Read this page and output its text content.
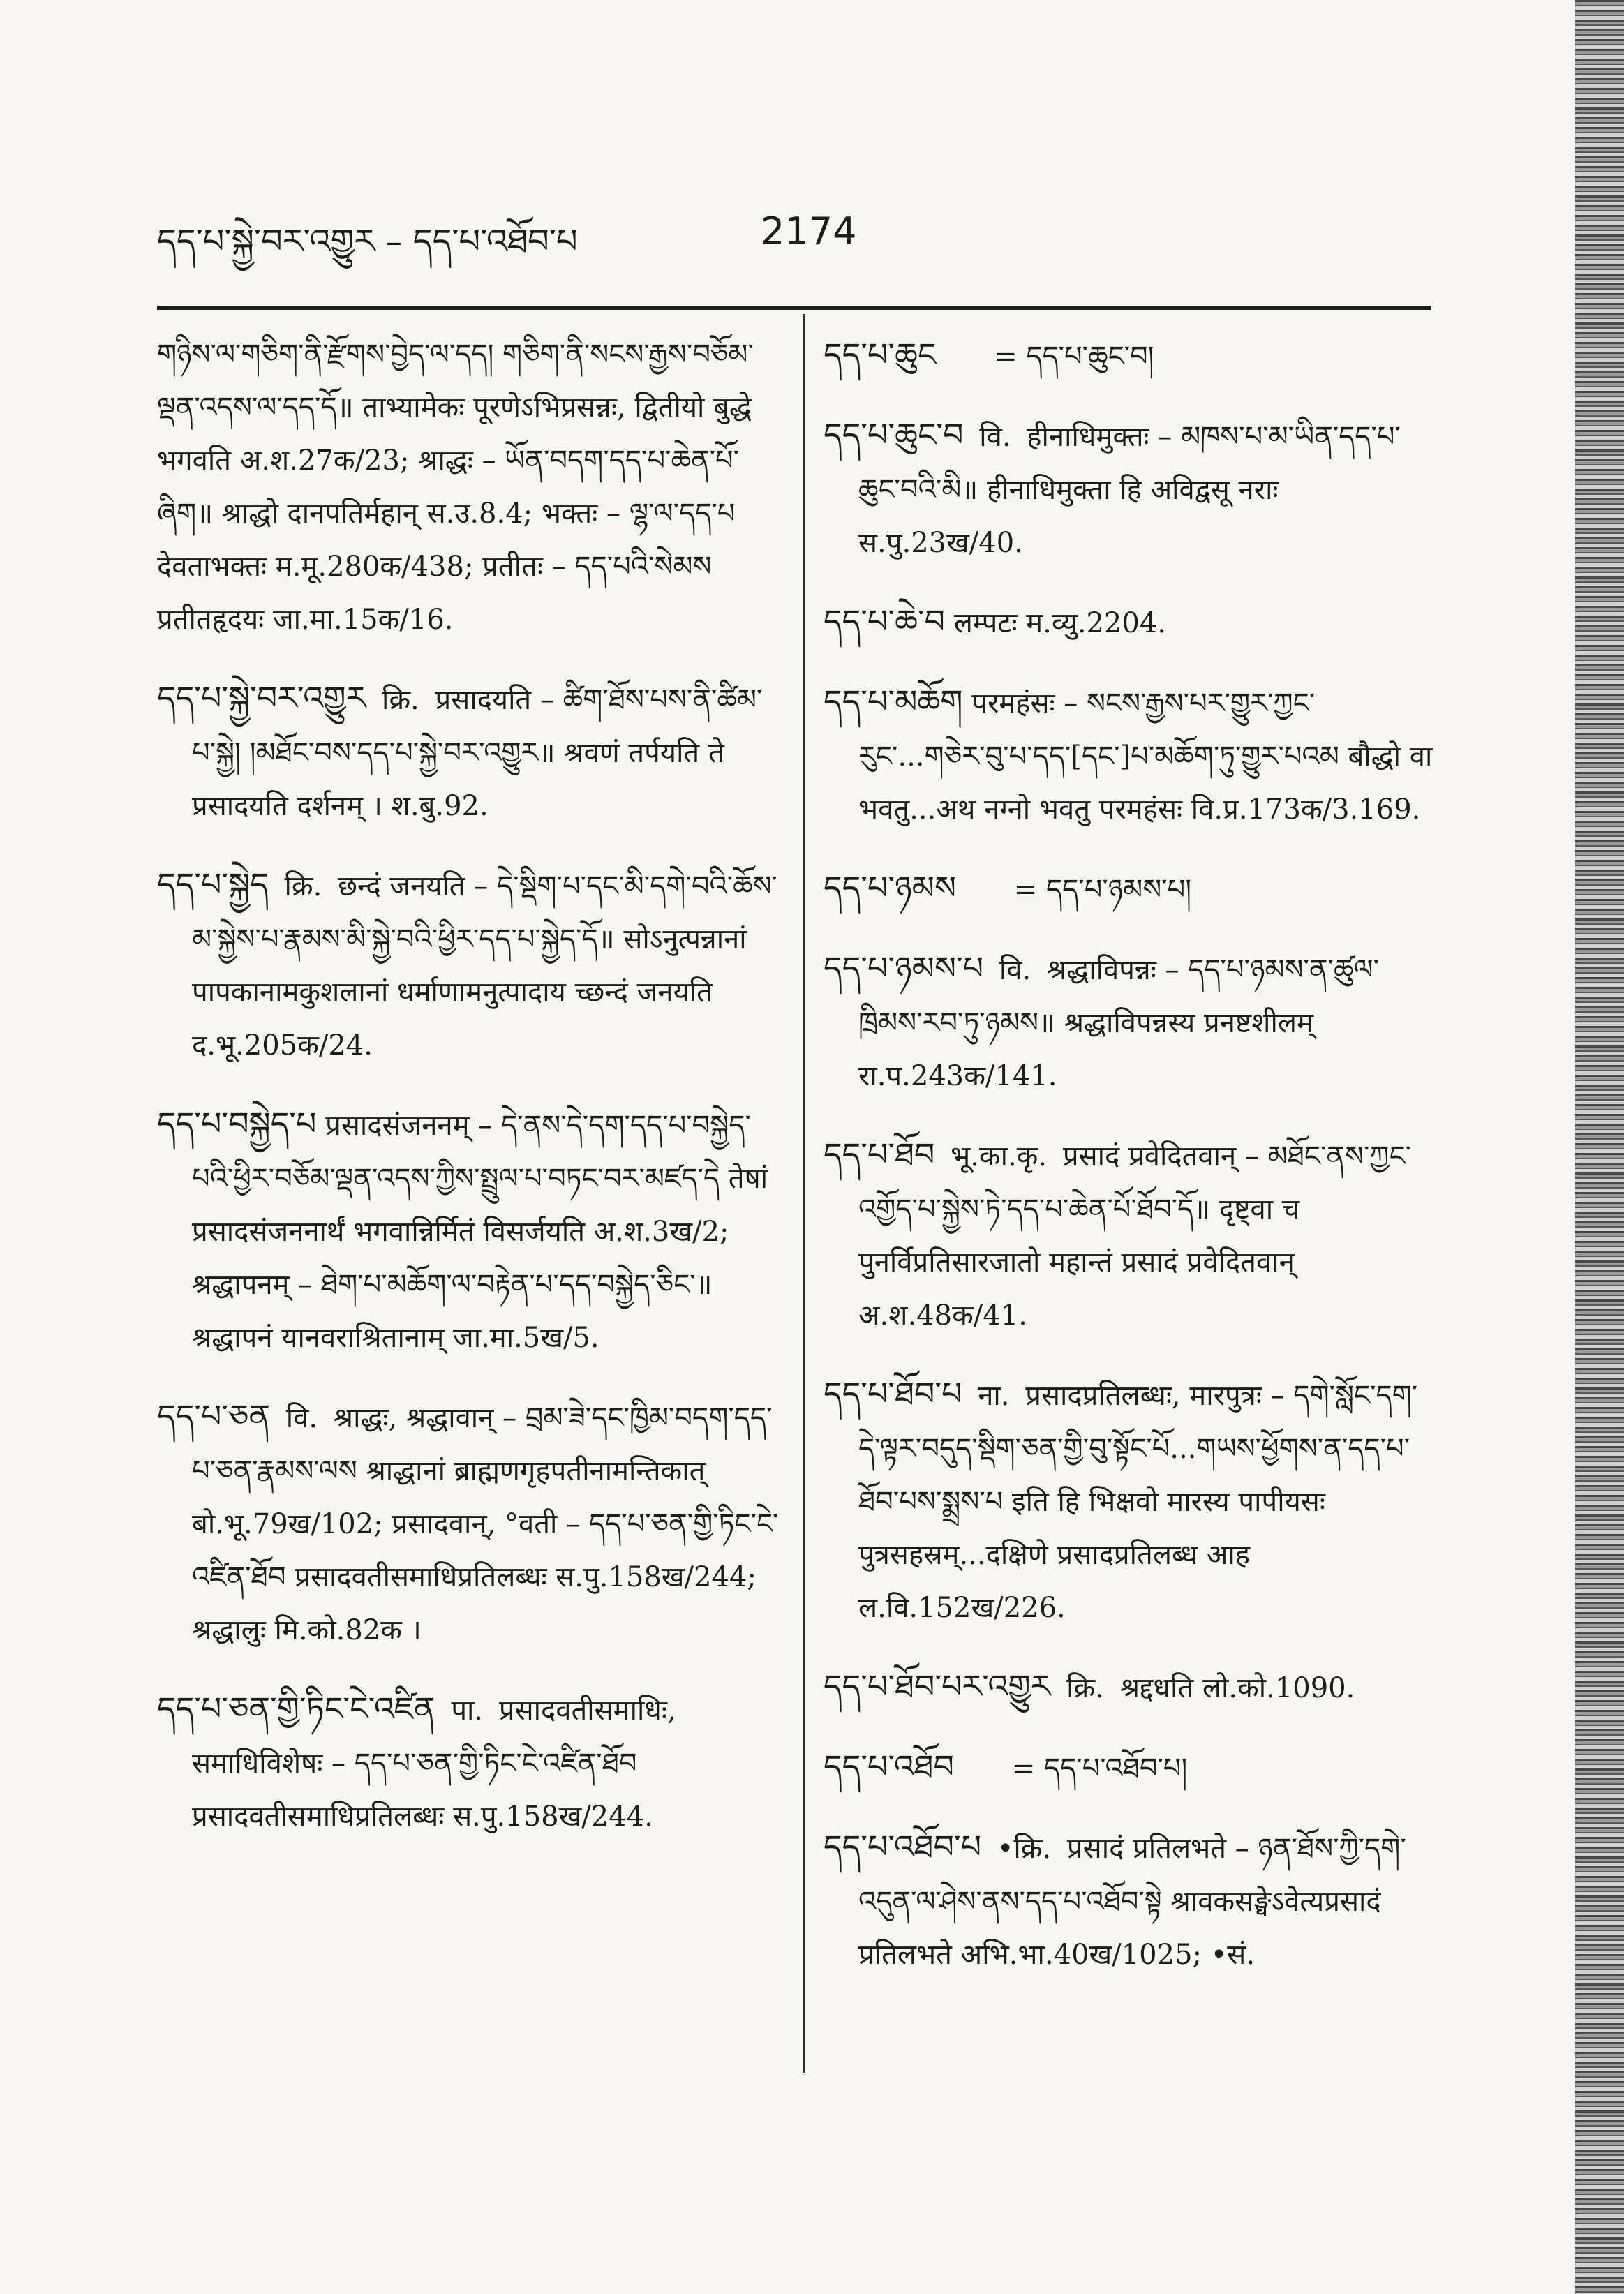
དད་པ་སྐྱེ་བར་འགྱུར – དད་པ་འཐོབ་པ	2174

གཉིས་ལ་གཅིག་ནི་རྫོགས་བྱེད་ལ་དད། གཅིག་ནི་སངས་རྒྱས་བཅོམ་ལྡན་འདས་ལ་དད་དོ॥ ताभ्यामेकः पूरणेऽभिप्रसन्नः, द्वितीयो बुद्धे भगवति अ.श.27क/23; श्राद्धः – ཡོན་བདག་དད་པ་ཆེན་པོ་ཞིག॥ श्राद्धो दानपतिर्महान् स.उ.8.4; भक्तः – ལྷ་ལ་དད་པ देवताभक्तः म.मू.280क/438; प्रतीतः – དད་པའི་སེམས प्रतीतहृदयः जा.मा.15क/16.

དད་པ་སྐྱེ་བར་འགྱུར क्रि. प्रसादयति – ཚིག་ཐོས་པས་ནི་ཚིམ་པ་སྐྱེ། །མཐོང་བས་དད་པ་སྐྱེ་བར་འགྱུར॥ श्रवणं तर्पयति ते प्रसादयति दर्शनम् । श.बु.92.

དད་པ་སྐྱེད क्रि. छन्दं जनयति – དེ་སྡིག་པ་དང་མི་དགེ་བའི་ཆོས་མ་སྐྱེས་པ་རྣམས་མི་སྐྱེ་བའི་ཕྱིར་དད་པ་སྐྱེད་དོ॥ सोऽनुत्पन्नानां पापकानामकुशलानां धर्माणामनुत्पादाय च्छन्दं जनयति द.भू.205क/24.

དད་པ་བསྐྱེད་པ प्रसादसंजननम् – དེ་ནས་དེ་དག་དད་པ་བསྐྱེད་པའི་ཕྱིར་བཅོམ་ལྡན་འདས་ཀྱིས་སྤྲུལ་པ་བཏང་བར་མཛད་དེ तेषां प्रसादसंजननार्थं भगवान्निर्मितं विसर्जयति अ.श.3ख/2; श्रद्धापनम् – ཐེག་པ་མཆོག་ལ་བརྟེན་པ་དད་བསྐྱེད་ཅིང་॥ श्रद्धापनं यानवराश्रितानाम् जा.मा.5ख/5.

དད་པ་ཅན वि. श्राद्धः, श्रद्धावान् – བྲམ་ཟེ་དང་ཁྱིམ་བདག་དད་པ་ཅན་རྣམས་ལས श्राद्धानां ब्राह्मणगृहपतीनामन्तिकात् बो.भू.79ख/102; प्रसादवान्, °वती – དད་པ་ཅན་གྱི་ཏིང་ངེ་འཛིན་ཐོབ प्रसादवतीसमाधिप्रतिलब्धः स.पु.158ख/244; श्रद्धालुः मि.को.82क ।

དད་པ་ཅན་གྱི་ཏིང་ངེ་འཛིན पा. प्रसादवतीसमाधिः, समाधिविशेषः – དད་པ་ཅན་གྱི་ཏིང་ངེ་འཛིན་ཐོབ प्रसादवतीसमाधिप्रतिलब्धः स.पु.158ख/244.

དད་པ་ཆུང = དད་པ་ཆུང་བ།

དད་པ་ཆུང་བ वि. हीनाधिमुक्तः – མཁས་པ་མ་ཡིན་དད་པ་ཆུང་བའི་མི॥ हीनाधिमुक्ता हि अविद्वसू नराः स.पु.23ख/40.

དད་པ་ཆེ་བ लम्पटः म.व्यु.2204.

དད་པ་མཆོག परमहंसः – སངས་རྒྱས་པར་གྱུར་ཀྱང་རུང་...གཅེར་བུ་པ་དད་[དང་]པ་མཆོག་ཏུ་གྱུར་པའམ बौद्धो वा भवतु...अथ नग्नो भवतु परमहंसः वि.प्र.173क/3.169.

དད་པ་ཉམས = དད་པ་ཉམས་པ།

དད་པ་ཉམས་པ वि. श्रद्धाविपन्नः – དད་པ་ཉམས་ན་ཚུལ་ཁྲིམས་རབ་ཏུ་ཉམས॥ श्रद्धाविपन्नस्य प्रनष्टशीलम् रा.प.243क/141.

དད་པ་ཐོབ भू.का.कृ. प्रसादं प्रवेदितवान् – མཐོང་ནས་ཀྱང་འགྱོད་པ་སྐྱེས་ཏེ་དད་པ་ཆེན་པོ་ཐོབ་དོ॥ दृष्ट्वा च पुनर्विप्रतिसारजातो महान्तं प्रसादं प्रवेदितवान् अ.श.48क/41.

དད་པ་ཐོབ་པ ना. प्रसादप्रतिलब्धः, मारपुत्रः – དགེ་སློང་དག་དེ་ལྟར་བདུད་སྡིག་ཅན་གྱི་བུ་སྟོང་པོ...གཡས་ཕྱོགས་ན་དད་པ་ཐོབ་པས་སྨྲས་པ इति हि भिक्षवो मारस्य पापीयसः पुत्रसहस्रम्...दक्षिणे प्रसादप्रतिलब्ध आह ल.वि.152ख/226.

དད་པ་ཐོབ་པར་འགྱུར क्रि. श्रद्दधति लो.को.1090.

དད་པ་འཐོབ = དད་པ་འཐོབ་པ།

དད་པ་འཐོབ་པ •क्रि. प्रसादं प्रतिलभते – ཉན་ཐོས་ཀྱི་དགེ་འདུན་ལ་ཤེས་ནས་དད་པ་འཐོབ་སྟེ श्रावकसङ्घेऽवेत्यप्रसादं प्रतिलभते अभि.भा.40ख/1025; •सं.
